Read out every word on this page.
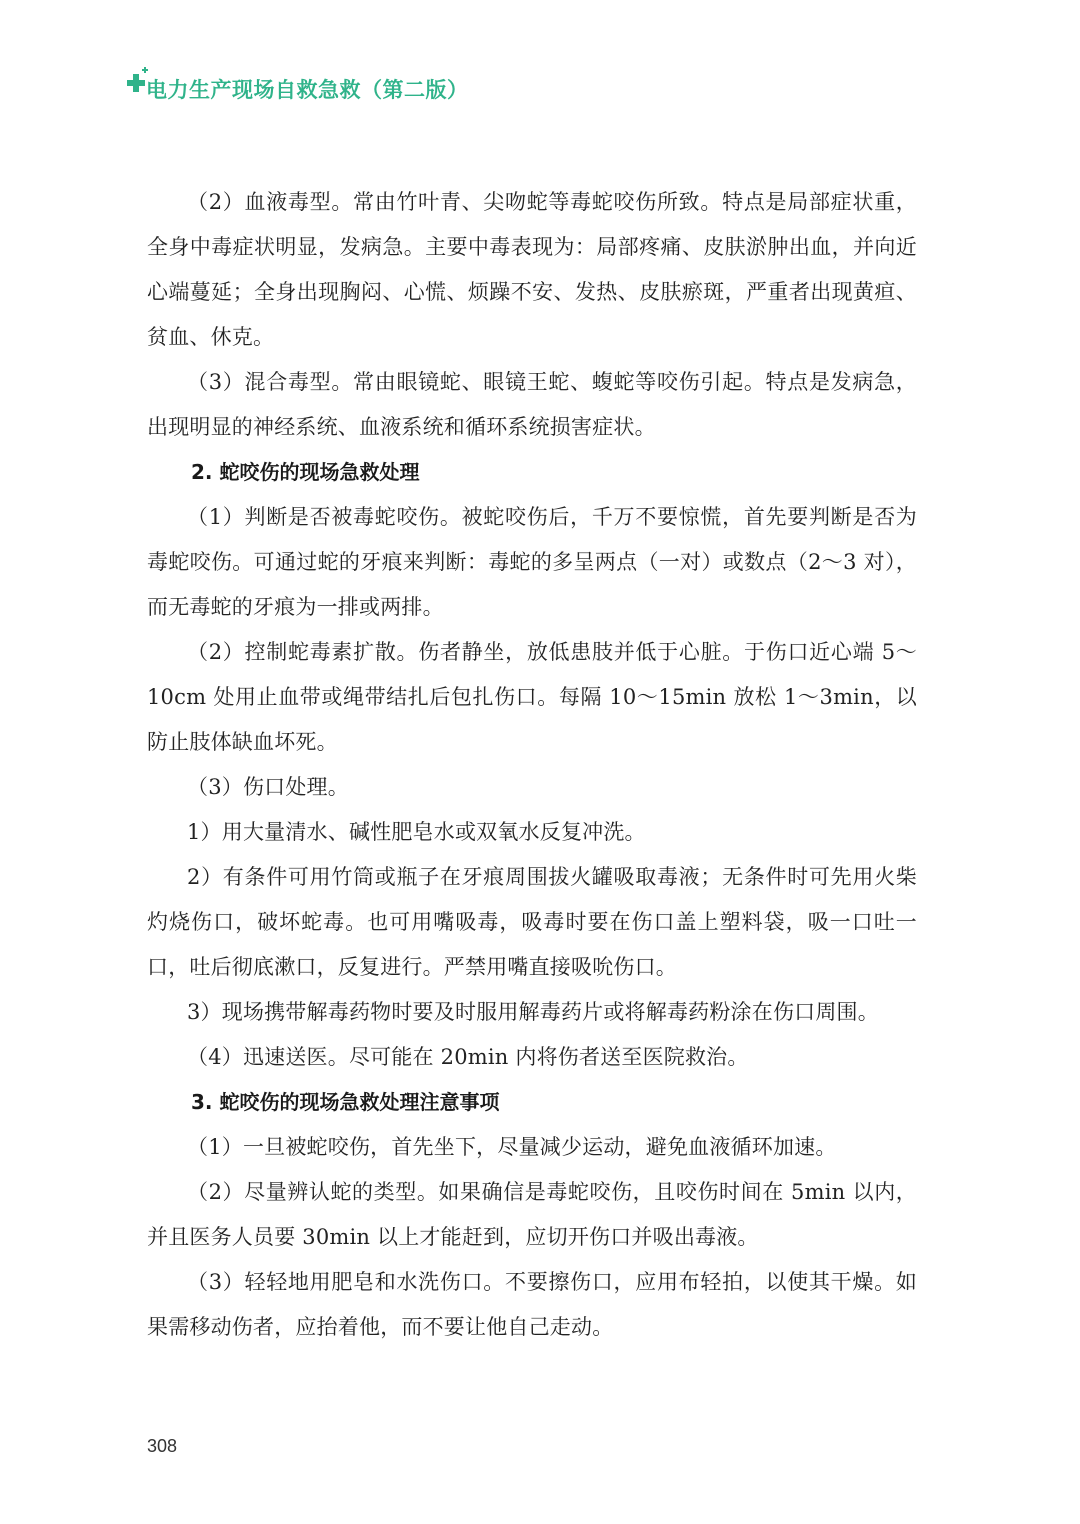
电力生产现场自救急救（第二版）

（2）血液毒型。常由竹叶青、尖吻蛇等毒蛇咬伤所致。特点是局部症状重，全身中毒症状明显，发病急。主要中毒表现为：局部疼痛、皮肤淤肿出血，并向近心端蔓延；全身出现胸闷、心慌、烦躁不安、发热、皮肤瘀斑，严重者出现黄疸、贫血、休克。

（3）混合毒型。常由眼镜蛇、眼镜王蛇、蝮蛇等咬伤引起。特点是发病急，出现明显的神经系统、血液系统和循环系统损害症状。

2. 蛇咬伤的现场急救处理

（1）判断是否被毒蛇咬伤。被蛇咬伤后，千万不要惊慌，首先要判断是否为毒蛇咬伤。可通过蛇的牙痕来判断：毒蛇的多呈两点（一对）或数点（2～3 对），而无毒蛇的牙痕为一排或两排。

（2）控制蛇毒素扩散。伤者静坐，放低患肢并低于心脏。于伤口近心端 5～10cm 处用止血带或绳带结扎后包扎伤口。每隔 10～15min 放松 1～3min，以防止肢体缺血坏死。

（3）伤口处理。

1）用大量清水、碱性肥皂水或双氧水反复冲洗。

2）有条件可用竹筒或瓶子在牙痕周围拔火罐吸取毒液；无条件时可先用火柴灼烧伤口，破坏蛇毒。也可用嘴吸毒，吸毒时要在伤口盖上塑料袋，吸一口吐一口，吐后彻底漱口，反复进行。严禁用嘴直接吸吮伤口。

3）现场携带解毒药物时要及时服用解毒药片或将解毒药粉涂在伤口周围。

（4）迅速送医。尽可能在 20min 内将伤者送至医院救治。

3. 蛇咬伤的现场急救处理注意事项

（1）一旦被蛇咬伤，首先坐下，尽量减少运动，避免血液循环加速。

（2）尽量辨认蛇的类型。如果确信是毒蛇咬伤，且咬伤时间在 5min 以内，并且医务人员要 30min 以上才能赶到，应切开伤口并吸出毒液。

（3）轻轻地用肥皂和水洗伤口。不要擦伤口，应用布轻拍，以使其干燥。如果需移动伤者，应抬着他，而不要让他自己走动。

308
